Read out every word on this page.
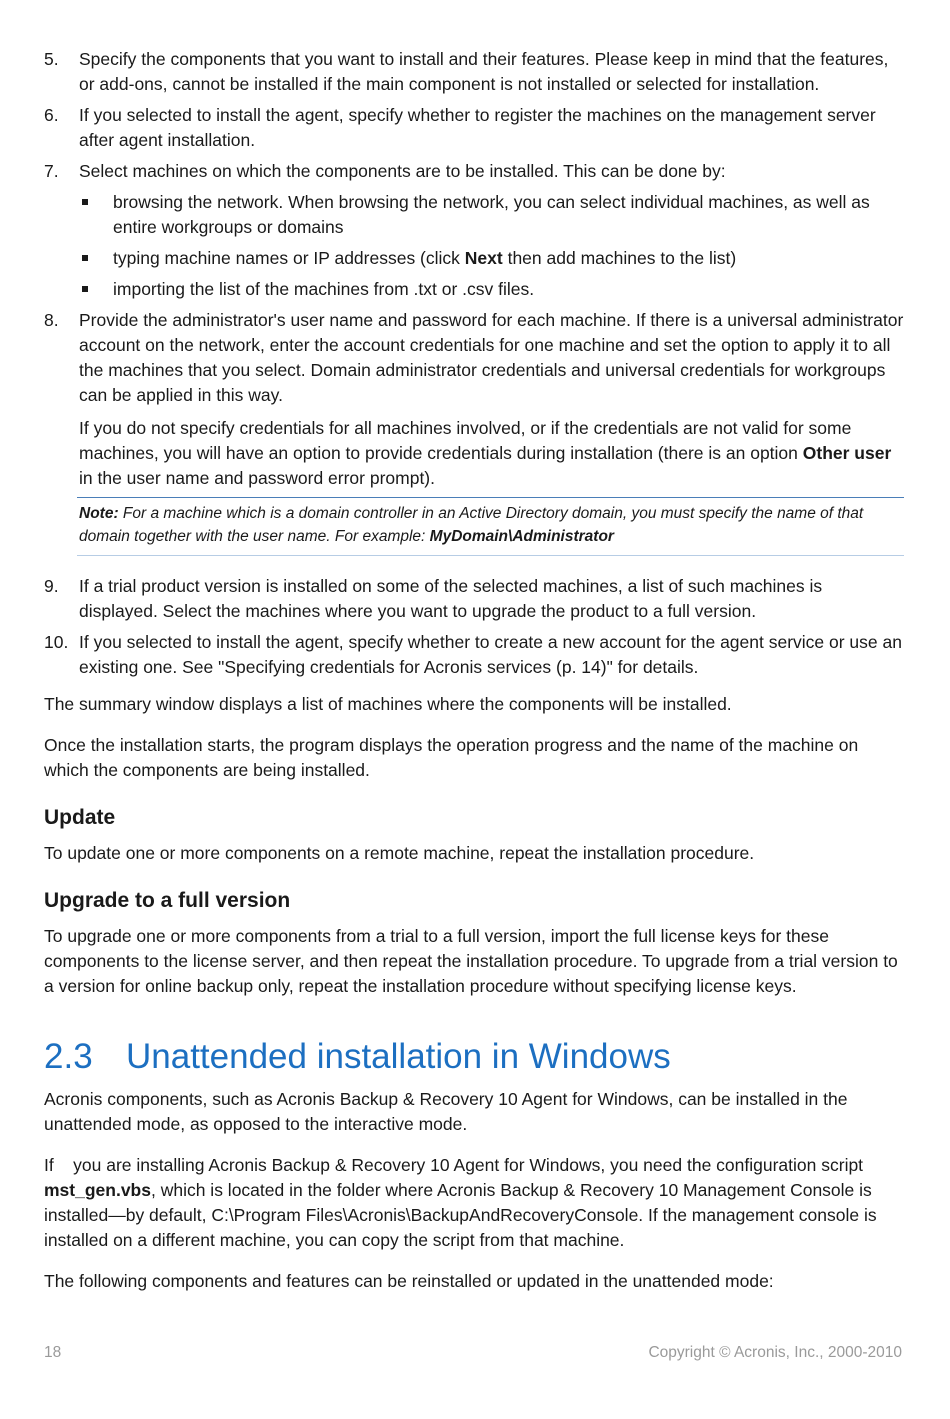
5. Specify the components that you want to install and their features. Please keep in mind that the features, or add-ons, cannot be installed if the main component is not installed or selected for installation.
6. If you selected to install the agent, specify whether to register the machines on the management server after agent installation.
7. Select machines on which the components are to be installed. This can be done by:
browsing the network. When browsing the network, you can select individual machines, as well as entire workgroups or domains
typing machine names or IP addresses (click Next then add machines to the list)
importing the list of the machines from .txt or .csv files.
8. Provide the administrator's user name and password for each machine. If there is a universal administrator account on the network, enter the account credentials for one machine and set the option to apply it to all the machines that you select. Domain administrator credentials and universal credentials for workgroups can be applied in this way.
If you do not specify credentials for all machines involved, or if the credentials are not valid for some machines, you will have an option to provide credentials during installation (there is an option Other user in the user name and password error prompt).
Note: For a machine which is a domain controller in an Active Directory domain, you must specify the name of that domain together with the user name. For example: MyDomain\Administrator
9. If a trial product version is installed on some of the selected machines, a list of such machines is displayed. Select the machines where you want to upgrade the product to a full version.
10. If you selected to install the agent, specify whether to create a new account for the agent service or use an existing one. See "Specifying credentials for Acronis services (p. 14)" for details.

The summary window displays a list of machines where the components will be installed.

Once the installation starts, the program displays the operation progress and the name of the machine on which the components are being installed.

Update

To update one or more components on a remote machine, repeat the installation procedure.

Upgrade to a full version

To upgrade one or more components from a trial to a full version, import the full license keys for these components to the license server, and then repeat the installation procedure. To upgrade from a trial version to a version for online backup only, repeat the installation procedure without specifying license keys.

2.3 Unattended installation in Windows

Acronis components, such as Acronis Backup & Recovery 10 Agent for Windows, can be installed in the unattended mode, as opposed to the interactive mode.

If    you are installing Acronis Backup & Recovery 10 Agent for Windows, you need the configuration script mst_gen.vbs, which is located in the folder where Acronis Backup & Recovery 10 Management Console is installed—by default, C:\Program Files\Acronis\BackupAndRecoveryConsole. If the management console is installed on a different machine, you can copy the script from that machine.

The following components and features can be reinstalled or updated in the unattended mode:

18	Copyright © Acronis, Inc., 2000-2010
